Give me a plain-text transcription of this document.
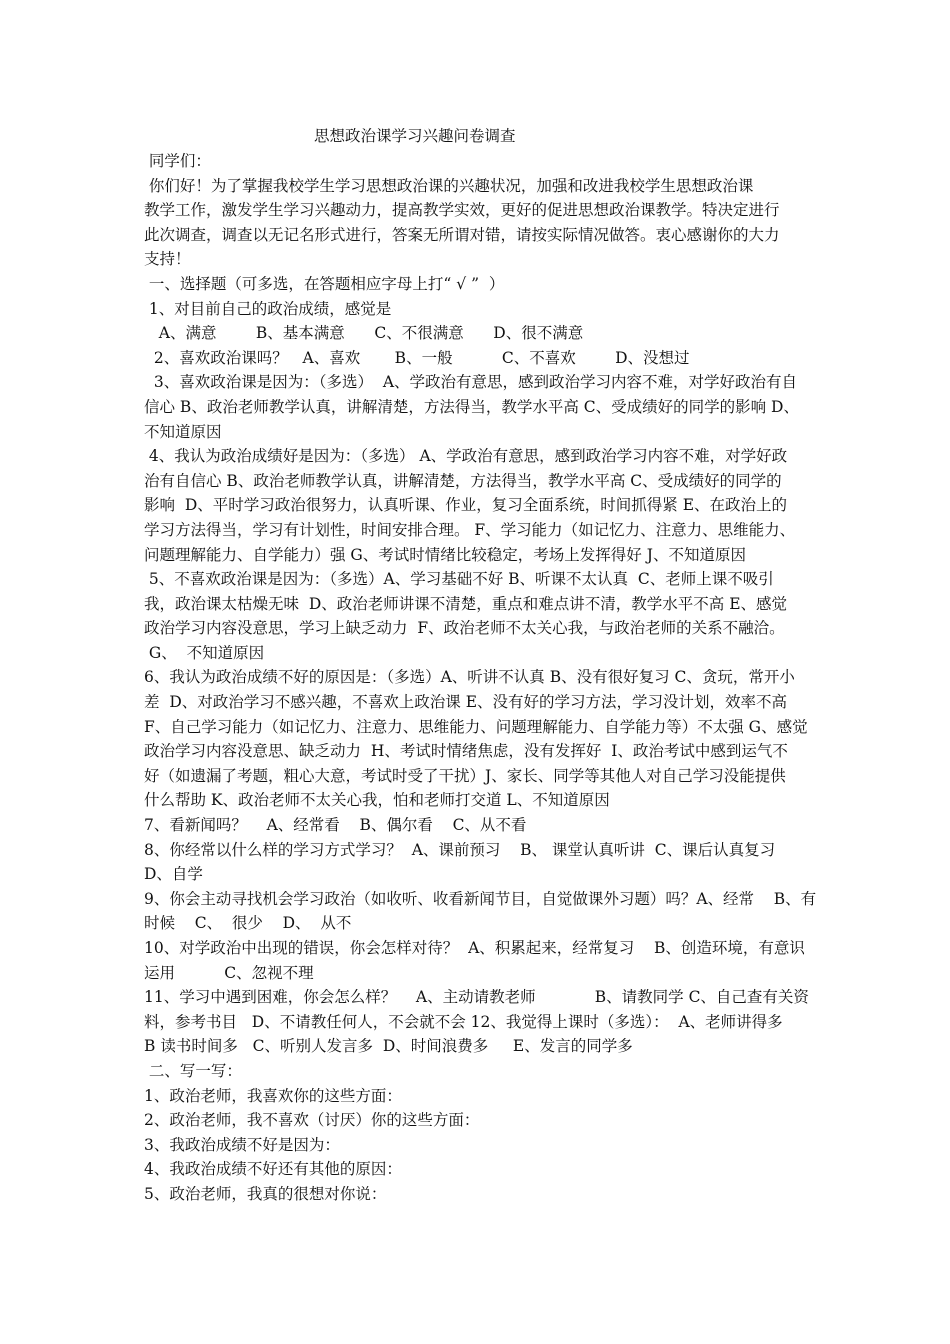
思想政治课学习兴趣问卷调查
同学们：
你们好！为了掌握我校学生学习思想政治课的兴趣状况，加强和改进我校学生思想政治课
教学工作，激发学生学习兴趣动力，提高教学实效，更好的促进思想政治课教学。特决定进行
此次调查，调查以无记名形式进行，答案无所谓对错，请按实际情况做答。衷心感谢你的大力
支持！
一、选择题（可多选，在答题相应字母上打“ √ ”  ）
1、对目前自己的政治成绩，感觉是
A、满意        B、基本满意      C、不很满意      D、很不满意
2、喜欢政治课吗？   A、喜欢       B、一般          C、不喜欢        D、没想过
3、喜欢政治课是因为：（多选）  A、学政治有意思，感到政治学习内容不难，对学好政治有自
信心 B、政治老师教学认真，讲解清楚，方法得当，教学水平高 C、受成绩好的同学的影响 D、
不知道原因
4、我认为政治成绩好是因为：（多选） A、学政治有意思，感到政治学习内容不难，对学好政
治有自信心 B、政治老师教学认真，讲解清楚，方法得当，教学水平高 C、受成绩好的同学的
影响  D、平时学习政治很努力，认真听课、作业，复习全面系统，时间抓得紧 E、在政治上的
学习方法得当，学习有计划性，时间安排合理。 F、学习能力（如记忆力、注意力、思维能力、
问题理解能力、自学能力）强 G、考试时情绪比较稳定，考场上发挥得好 J、不知道原因
5、不喜欢政治课是因为：（多选）A、学习基础不好 B、听课不太认真  C、老师上课不吸引
我，政治课太枯燥无味  D、政治老师讲课不清楚，重点和难点讲不清，教学水平不高 E、感觉
政治学习内容没意思，学习上缺乏动力  F、政治老师不太关心我，与政治老师的关系不融洽。
G、  不知道原因
6、我认为政治成绩不好的原因是：（多选）A、听讲不认真 B、没有很好复习 C、贪玩，常开小
差  D、对政治学习不感兴趣，不喜欢上政治课 E、没有好的学习方法，学习没计划，效率不高
F、自己学习能力（如记忆力、注意力、思维能力、问题理解能力、自学能力等）不太强 G、感觉
政治学习内容没意思、缺乏动力  H、考试时情绪焦虑，没有发挥好  I、政治考试中感到运气不
好（如遗漏了考题，粗心大意，考试时受了干扰）J、家长、同学等其他人对自己学习没能提供
什么帮助 K、政治老师不太关心我，怕和老师打交道 L、不知道原因
7、看新闻吗？    A、经常看    B、偶尔看    C、从不看
8、你经常以什么样的学习方式学习？  A、课前预习    B、 课堂认真听讲  C、课后认真复习
D、自学
9、你会主动寻找机会学习政治（如收听、收看新闻节目，自觉做课外习题）吗？A、经常    B、有
时候    C、  很少    D、  从不
10、对学政治中出现的错误，你会怎样对待？  A、积累起来，经常复习    B、创造环境，有意识
运用          C、忽视不理
11、学习中遇到困难，你会怎么样？    A、主动请教老师            B、请教同学 C、自己查有关资
料，参考书目   D、不请教任何人，不会就不会 12、我觉得上课时（多选）：  A、老师讲得多
B 读书时间多   C、听别人发言多  D、时间浪费多     E、发言的同学多
二、写一写：
1、政治老师，我喜欢你的这些方面：
2、政治老师，我不喜欢（讨厌）你的这些方面：
3、我政治成绩不好是因为：
4、我政治成绩不好还有其他的原因：
5、政治老师，我真的很想对你说：
